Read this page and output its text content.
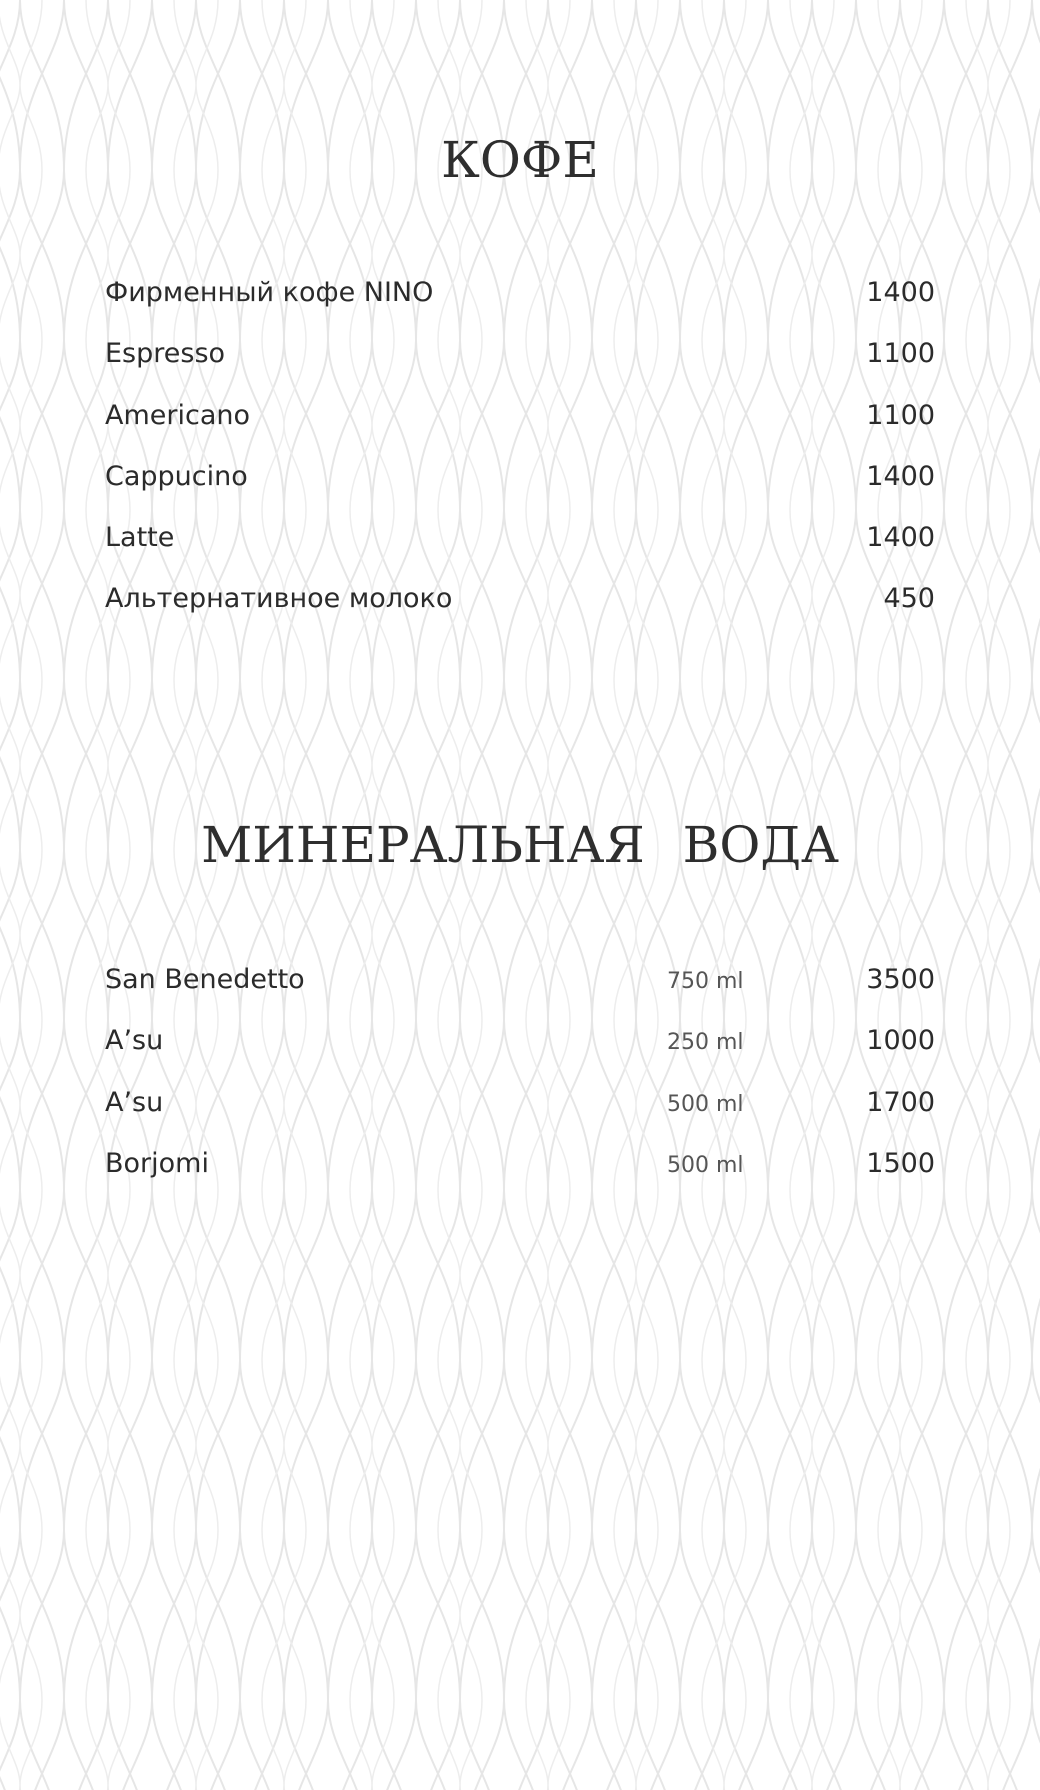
КОФЕ
Фирменный кофе NINO	1400
Espresso	1100
Americano	1100
Cappucino	1400
Latte	1400
Альтернативное молоко	450
МИНЕРАЛЬНАЯ ВОДА
San Benedetto	750 ml	3500
A’su	250 ml	1000
A’su	500 ml	1700
Borjomi	500 ml	1500
